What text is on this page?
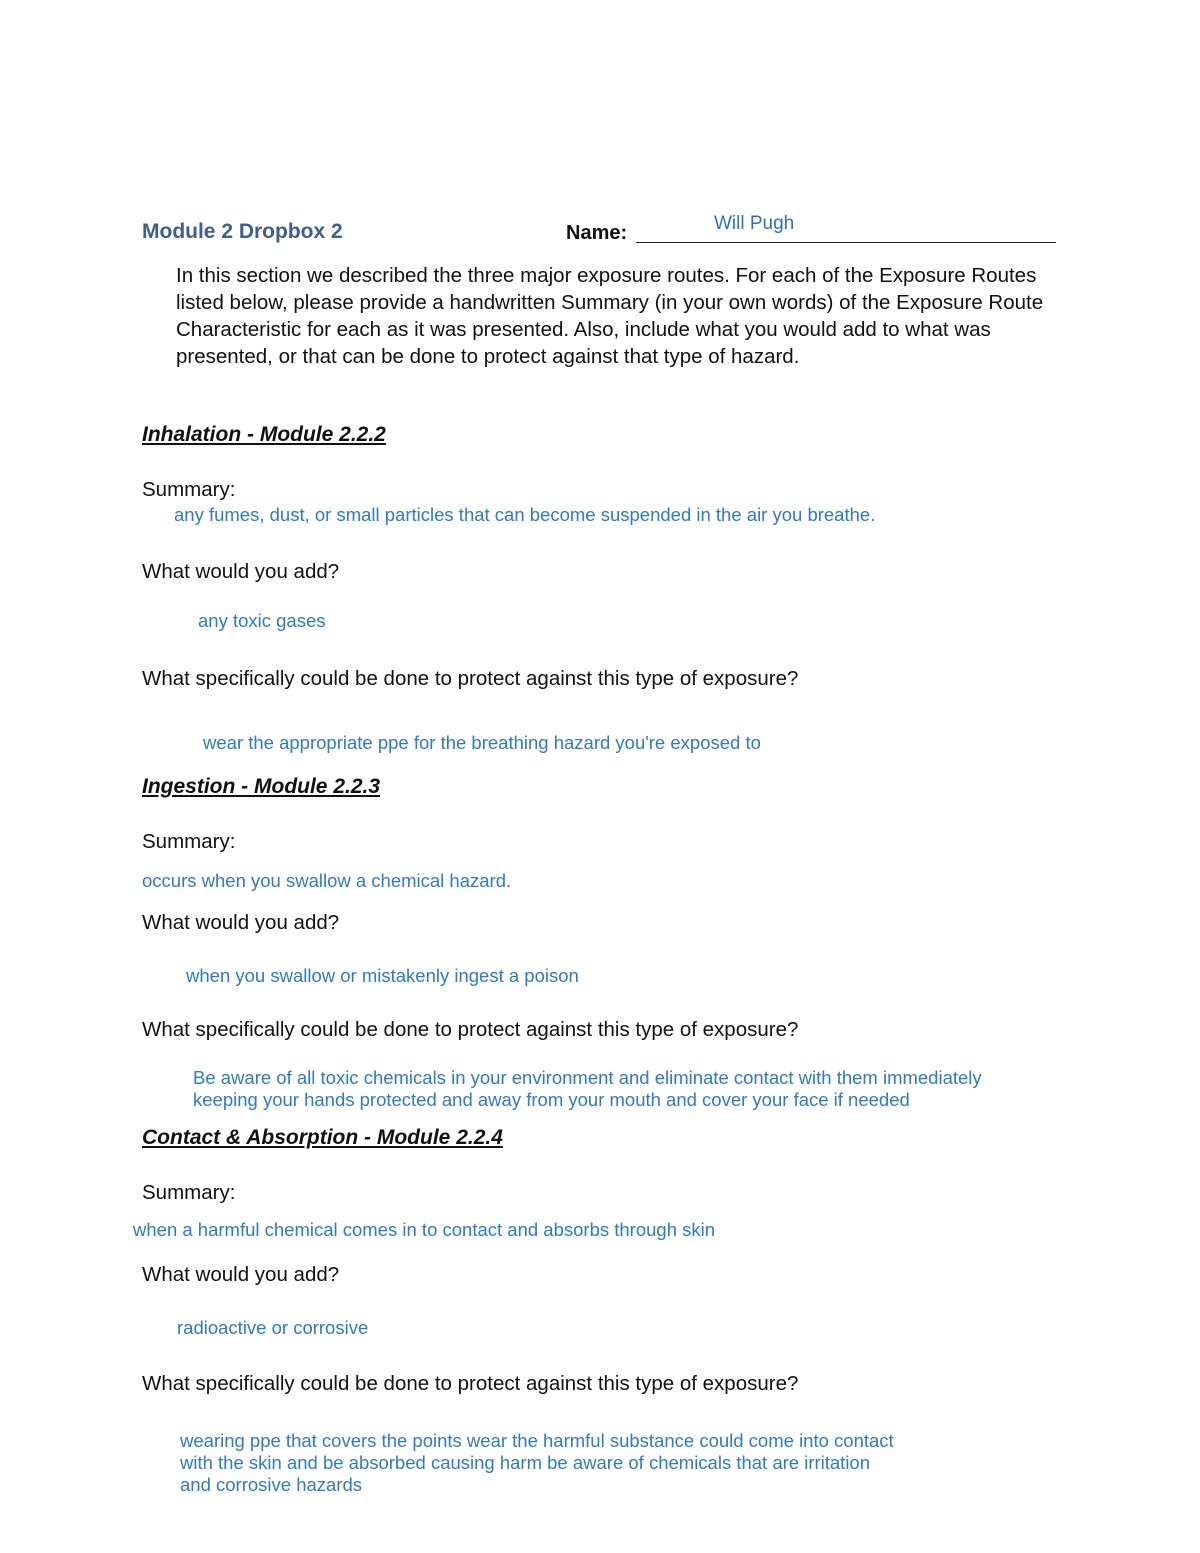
Module 2 Dropbox 2	Name:	Will Pugh
In this section we described the three major exposure routes. For each of the Exposure Routes listed below, please provide a handwritten Summary (in your own words) of the Exposure Route Characteristic for each as it was presented. Also, include what you would add to what was presented, or that can be done to protect against that type of hazard.
Inhalation - Module 2.2.2
Summary:
any fumes, dust, or small particles that can become suspended in the air you breathe.
What would you add?
any toxic gases
What specifically could be done to protect against this type of exposure?
wear the appropriate ppe for the breathing hazard you're exposed to
Ingestion - Module 2.2.3
Summary:
occurs when you swallow a chemical hazard.
What would you add?
when you swallow or mistakenly ingest a poison
What specifically could be done to protect against this type of exposure?
Be aware of all toxic chemicals in your environment and eliminate contact with them immediately
keeping your hands protected and away from your mouth and cover your face if needed
Contact & Absorption - Module 2.2.4
Summary:
when a harmful chemical comes in to contact and absorbs through skin
What would you add?
radioactive or corrosive
What specifically could be done to protect against this type of exposure?
wearing ppe that covers the points wear the harmful substance could come into contact
with the skin and be absorbed causing harm be aware of chemicals that are irritation
and corrosive hazards
